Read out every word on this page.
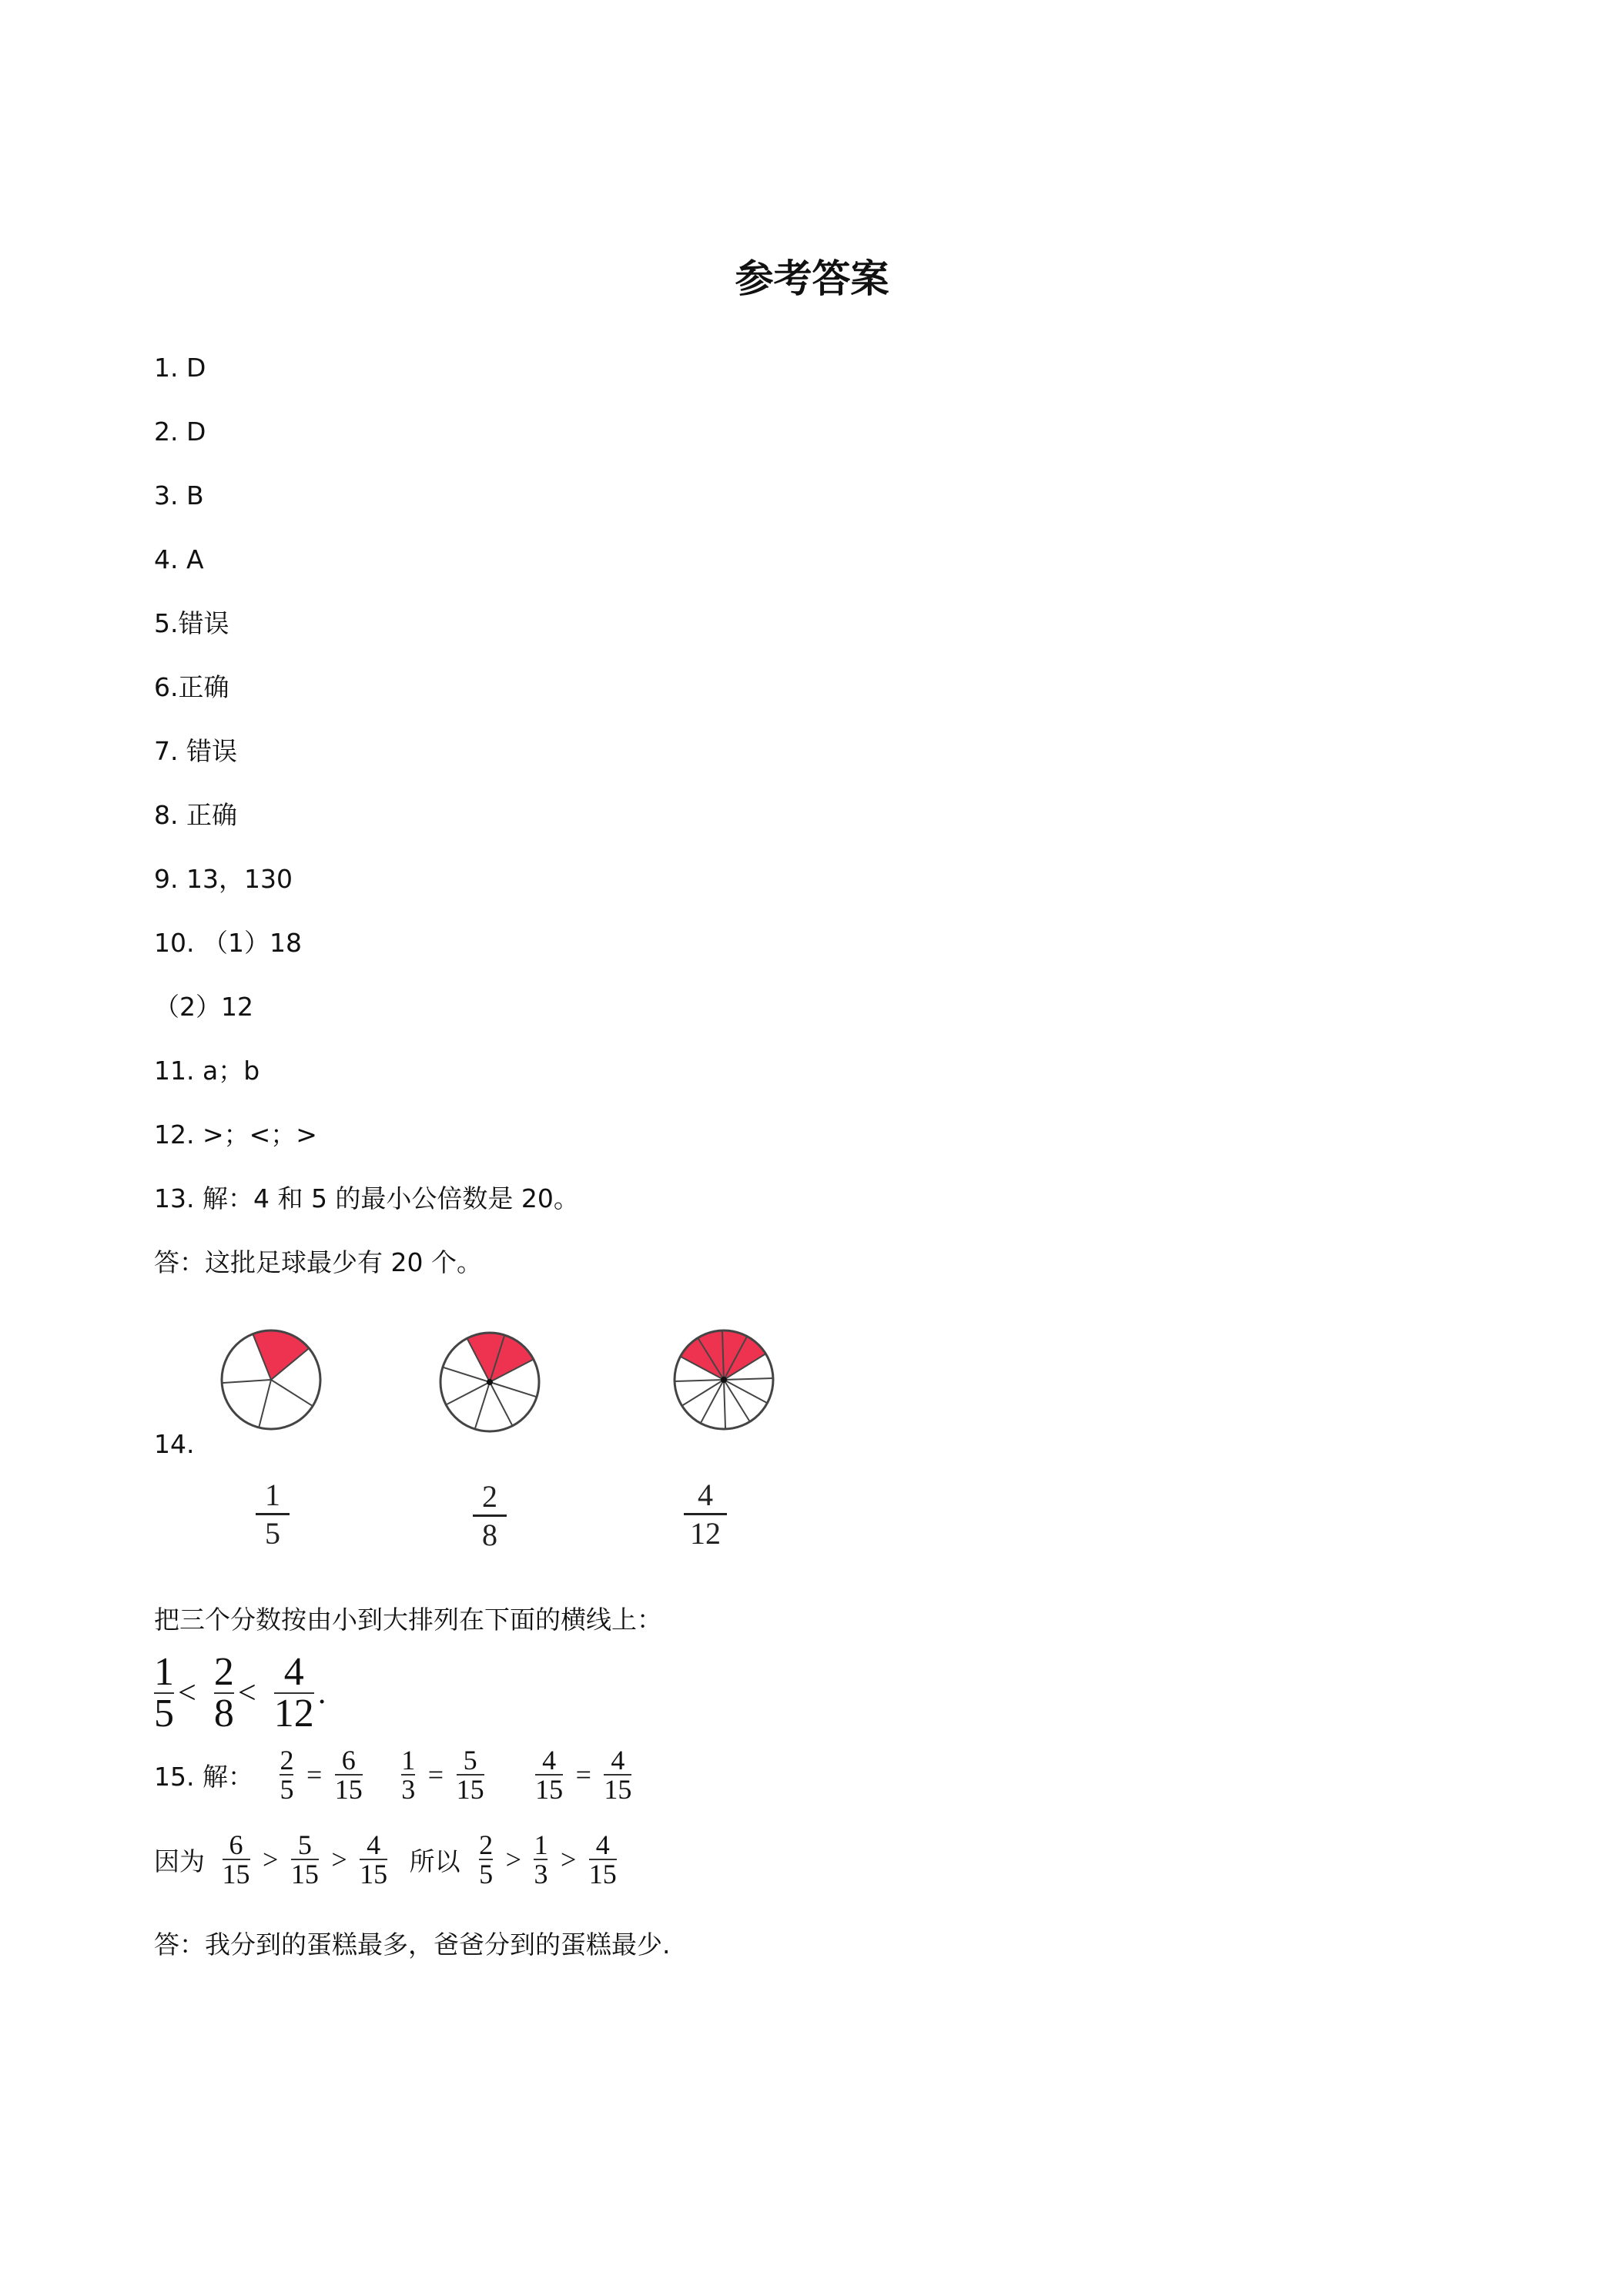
参考答案
1. D
2. D
3. B
4. A
5.错误
6.正确
7. 错误
8. 正确
9. 13，130
10. （1）18
（2）12
11. a；b
12. >；<；>
13. 解：4 和 5 的最小公倍数是 20。
答：这批足球最少有 20 个。
14.
1
5
2
8
4
12
把三个分数按由小到大排列在下面的横线上：
$\frac{1}{5} < \frac{2}{8} < \frac{4}{12}$ .
15. 解： $\frac{2}{5} = \frac{6}{15}$
$\frac{1}{3} = \frac{5}{15}$
$\frac{4}{15} = \frac{4}{15}$
因为 $\frac{6}{15} > \frac{5}{15} > \frac{4}{15}$ 所以 $\frac{2}{5} > \frac{1}{3} > \frac{4}{15}$
答：我分到的蛋糕最多，爸爸分到的蛋糕最少.
